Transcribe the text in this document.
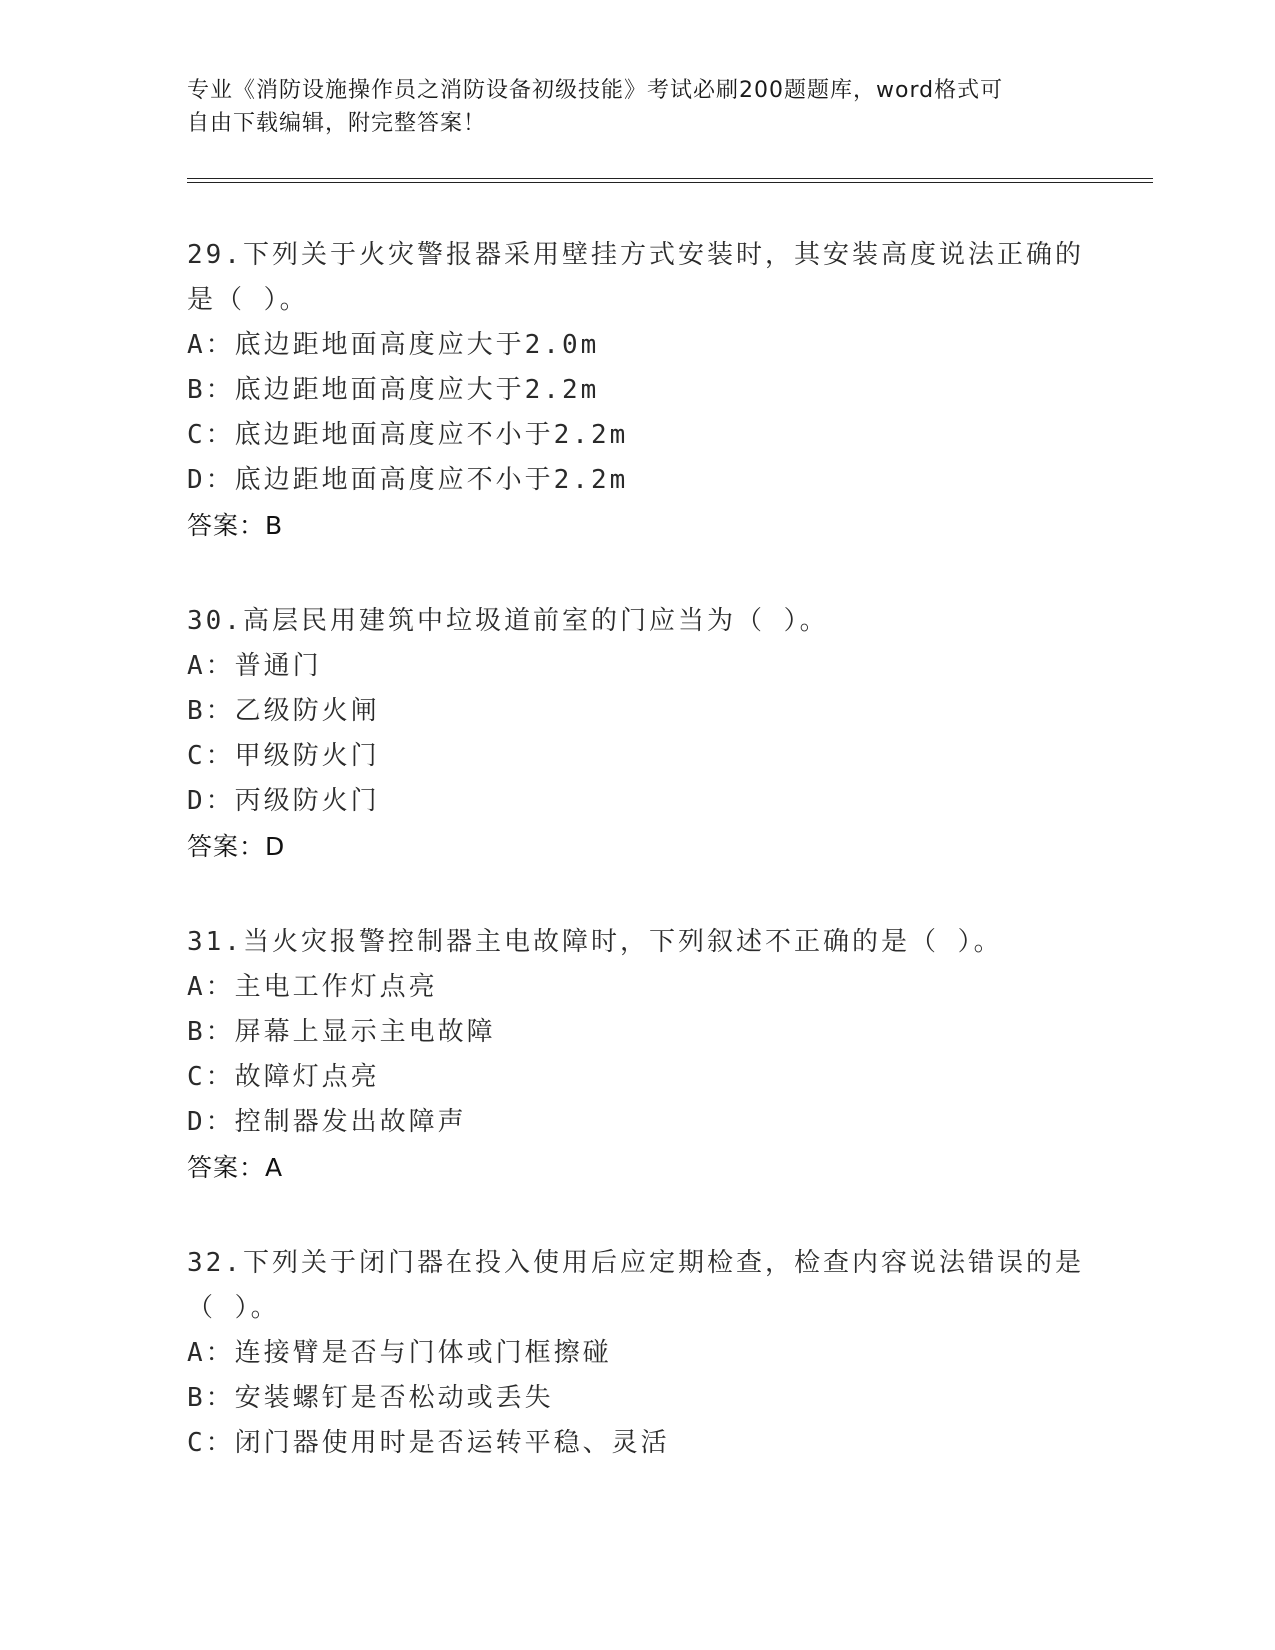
专业《消防设施操作员之消防设备初级技能》考试必刷200题题库，word格式可
自由下载编辑，附完整答案！
29.下列关于火灾警报器采用壁挂方式安装时，其安装高度说法正确的是（ ）。
A：底边距地面高度应大于2.0m
B：底边距地面高度应大于2.2m
C：底边距地面高度应不小于2.2m
D：底边距地面高度应不小于2.2m
答案：B
30.高层民用建筑中垃圾道前室的门应当为（ ）。
A：普通门
B：乙级防火闸
C：甲级防火门
D：丙级防火门
答案：D
31.当火灾报警控制器主电故障时，下列叙述不正确的是（ ）。
A：主电工作灯点亮
B：屏幕上显示主电故障
C：故障灯点亮
D：控制器发出故障声
答案：A
32.下列关于闭门器在投入使用后应定期检查，检查内容说法错误的是（ ）。
A：连接臂是否与门体或门框擦碰
B：安装螺钉是否松动或丢失
C：闭门器使用时是否运转平稳、灵活
